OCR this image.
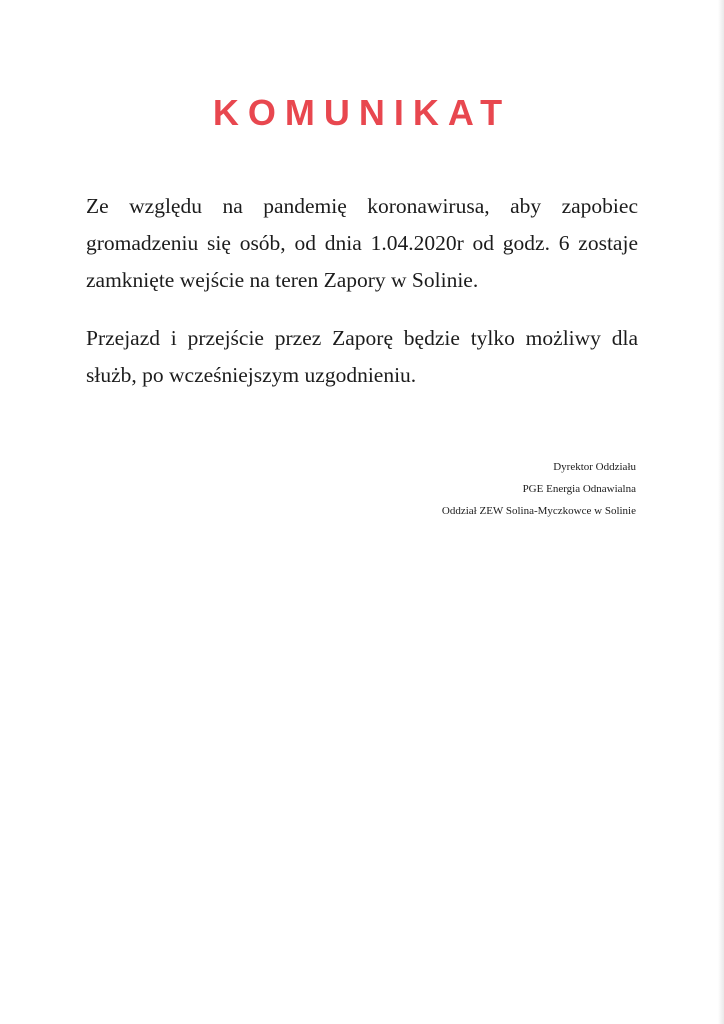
KOMUNIKAT

Ze względu na pandemię koronawirusa, aby zapobiec gromadzeniu się osób, od dnia 1.04.2020r od godz. 6 zostaje zamknięte wejście na teren Zapory w Solinie.

Przejazd i przejście przez Zaporę będzie tylko możliwy dla służb, po wcześniejszym uzgodnieniu.

Dyrektor Oddziału
PGE Energia Odnawialna
Oddział ZEW Solina-Myczkowce w Solinie
